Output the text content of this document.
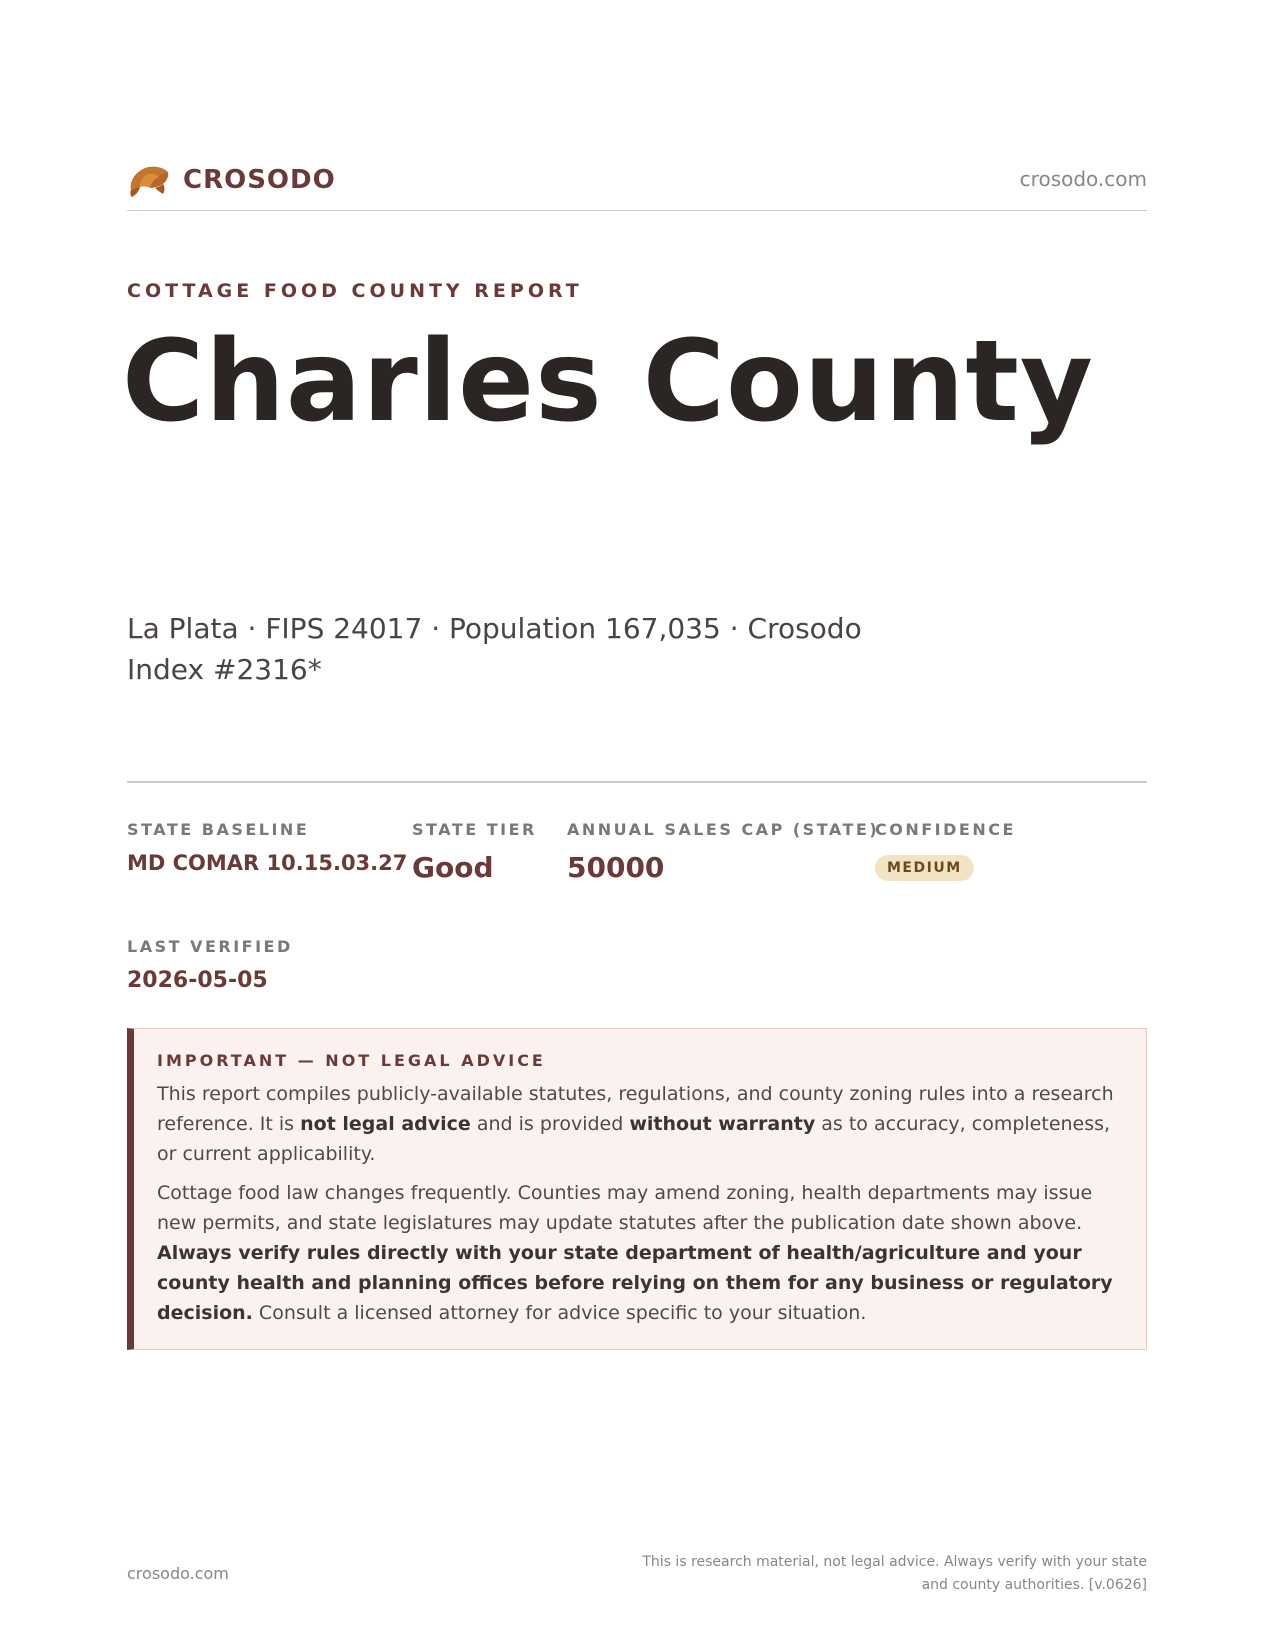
CROSODO	crosodo.com
COTTAGE FOOD COUNTY REPORT
Charles County
La Plata · FIPS 24017 · Population 167,035 · Crosodo Index #2316*
STATE BASELINE
MD COMAR 10.15.03.27
STATE TIER
Good
ANNUAL SALES CAP (STATE)
50000
CONFIDENCE
MEDIUM
LAST VERIFIED
2026-05-05
IMPORTANT — NOT LEGAL ADVICE

This report compiles publicly-available statutes, regulations, and county zoning rules into a research reference. It is not legal advice and is provided without warranty as to accuracy, completeness, or current applicability.

Cottage food law changes frequently. Counties may amend zoning, health departments may issue new permits, and state legislatures may update statutes after the publication date shown above. Always verify rules directly with your state department of health/agriculture and your county health and planning offices before relying on them for any business or regulatory decision. Consult a licensed attorney for advice specific to your situation.

crosodo.com
This is research material, not legal advice. Always verify with your state and county authorities. [v.0626]
